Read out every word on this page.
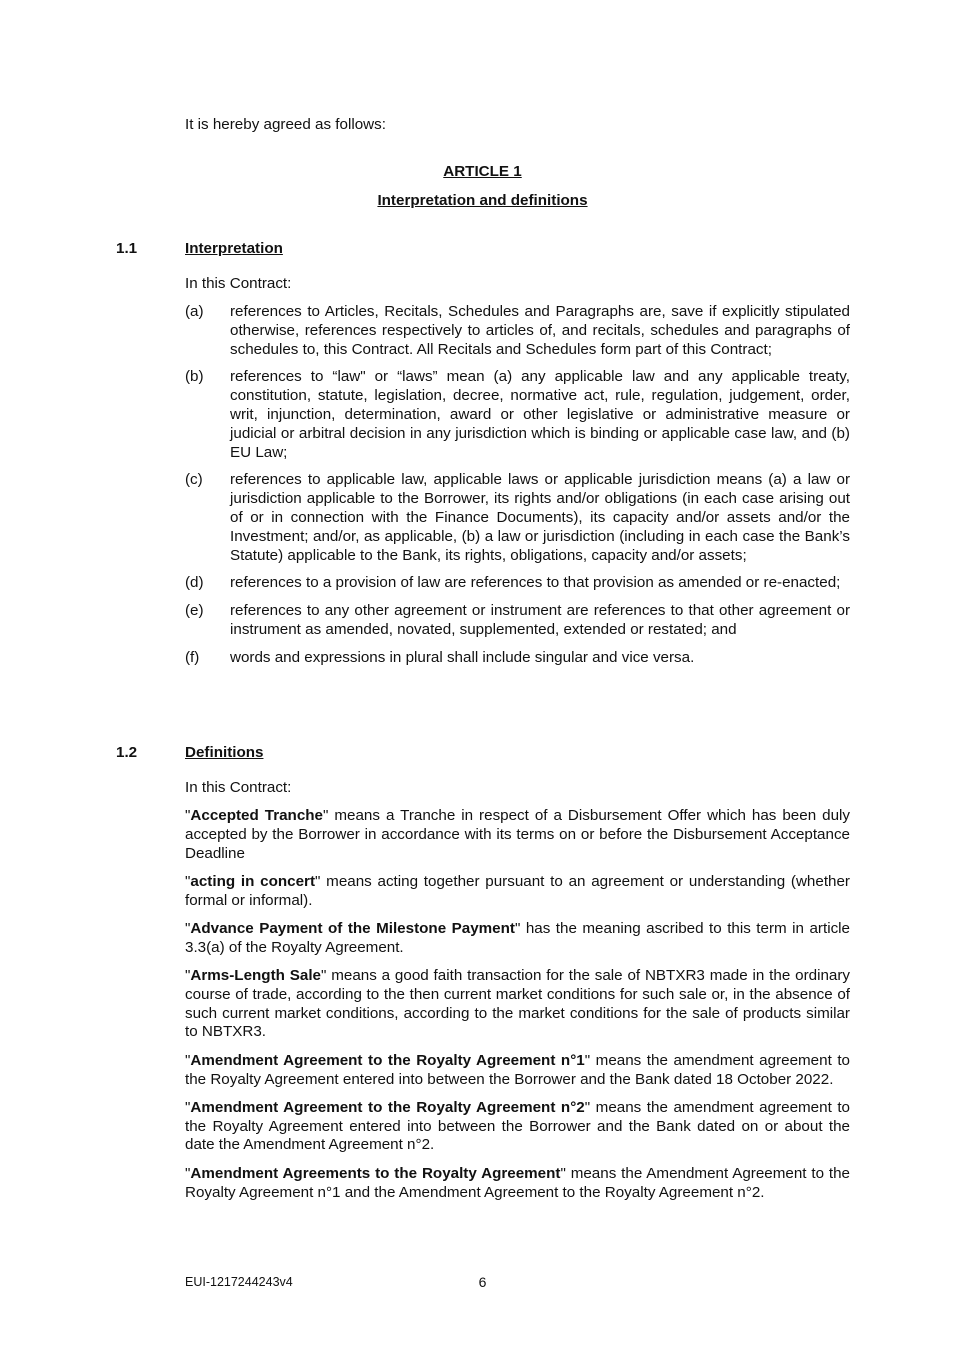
It is hereby agreed as follows:
ARTICLE 1
Interpretation and definitions
1.1	Interpretation
In this Contract:
(a)	references to Articles, Recitals, Schedules and Paragraphs are, save if explicitly stipulated otherwise, references respectively to articles of, and recitals, schedules and paragraphs of schedules to, this Contract. All Recitals and Schedules form part of this Contract;
(b)	references to “law" or “laws” mean (a) any applicable law and any applicable treaty, constitution, statute, legislation, decree, normative act, rule, regulation, judgement, order, writ, injunction, determination, award or other legislative or administrative measure or judicial or arbitral decision in any jurisdiction which is binding or applicable case law, and (b) EU Law;
(c)	references to applicable law, applicable laws or applicable jurisdiction means (a) a law or jurisdiction applicable to the Borrower, its rights and/or obligations (in each case arising out of or in connection with the Finance Documents), its capacity and/or assets and/or the Investment; and/or, as applicable, (b) a law or jurisdiction (including in each case the Bank’s Statute) applicable to the Bank, its rights, obligations, capacity and/or assets;
(d)	references to a provision of law are references to that provision as amended or re-enacted;
(e)	references to any other agreement or instrument are references to that other agreement or instrument as amended, novated, supplemented, extended or restated; and
(f)	words and expressions in plural shall include singular and vice versa.
1.2	Definitions
In this Contract:

"Accepted Tranche" means a Tranche in respect of a Disbursement Offer which has been duly accepted by the Borrower in accordance with its terms on or before the Disbursement Acceptance Deadline

"acting in concert" means acting together pursuant to an agreement or understanding (whether formal or informal).

"Advance Payment of the Milestone Payment" has the meaning ascribed to this term in article 3.3(a) of the Royalty Agreement.

"Arms-Length Sale" means a good faith transaction for the sale of NBTXR3 made in the ordinary course of trade, according to the then current market conditions for such sale or, in the absence of such current market conditions, according to the market conditions for the sale of products similar to NBTXR3.

"Amendment Agreement to the Royalty Agreement n°1" means the amendment agreement to the Royalty Agreement entered into between the Borrower and the Bank dated 18 October 2022.

"Amendment Agreement to the Royalty Agreement n°2" means the amendment agreement to the Royalty Agreement entered into between the Borrower and the Bank dated on or about the date the Amendment Agreement n°2.

"Amendment Agreements to the Royalty Agreement" means the Amendment Agreement to the Royalty Agreement n°1 and the Amendment Agreement to the Royalty Agreement n°2.

EUI-1217244243v4	6
